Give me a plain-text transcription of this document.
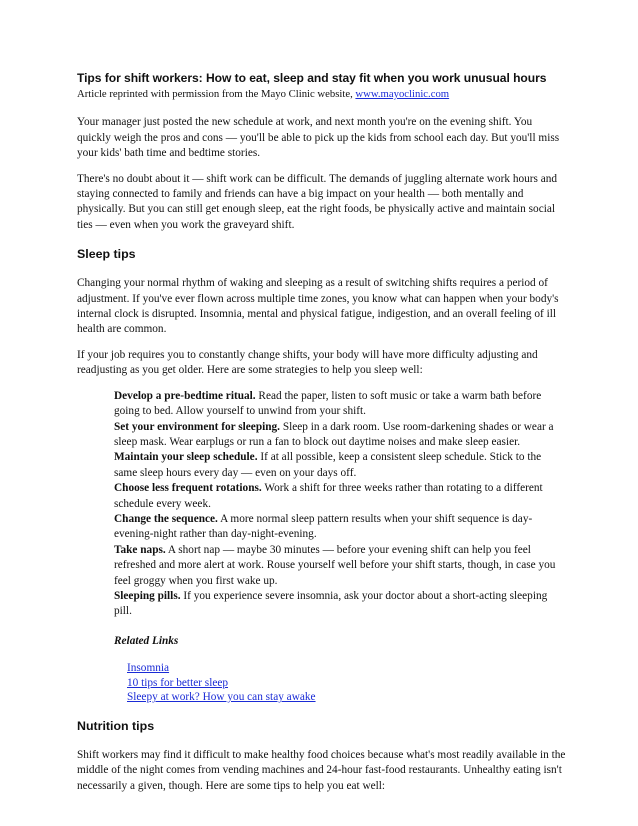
Tips for shift workers: How to eat, sleep and stay fit when you work unusual hours

Article reprinted with permission from the Mayo Clinic website, www.mayoclinic.com

Your manager just posted the new schedule at work, and next month you're on the evening shift. You quickly weigh the pros and cons — you'll be able to pick up the kids from school each day. But you'll miss your kids' bath time and bedtime stories.

There's no doubt about it — shift work can be difficult. The demands of juggling alternate work hours and staying connected to family and friends can have a big impact on your health — both mentally and physically. But you can still get enough sleep, eat the right foods, be physically active and maintain social ties — even when you work the graveyard shift.

Sleep tips

Changing your normal rhythm of waking and sleeping as a result of switching shifts requires a period of adjustment. If you've ever flown across multiple time zones, you know what can happen when your body's internal clock is disrupted. Insomnia, mental and physical fatigue, indigestion, and an overall feeling of ill health are common.

If your job requires you to constantly change shifts, your body will have more difficulty adjusting and readjusting as you get older. Here are some strategies to help you sleep well:

Develop a pre-bedtime ritual. Read the paper, listen to soft music or take a warm bath before going to bed. Allow yourself to unwind from your shift.

Set your environment for sleeping. Sleep in a dark room. Use room-darkening shades or wear a sleep mask. Wear earplugs or run a fan to block out daytime noises and make sleep easier.

Maintain your sleep schedule. If at all possible, keep a consistent sleep schedule. Stick to the same sleep hours every day — even on your days off.

Choose less frequent rotations. Work a shift for three weeks rather than rotating to a different schedule every week.

Change the sequence. A more normal sleep pattern results when your shift sequence is day-evening-night rather than day-night-evening.

Take naps. A short nap — maybe 30 minutes — before your evening shift can help you feel refreshed and more alert at work. Rouse yourself well before your shift starts, though, in case you feel groggy when you first wake up.

Sleeping pills. If you experience severe insomnia, ask your doctor about a short-acting sleeping pill.

Related Links

Insomnia
10 tips for better sleep
Sleepy at work? How you can stay awake
Nutrition tips

Shift workers may find it difficult to make healthy food choices because what's most readily available in the middle of the night comes from vending machines and 24-hour fast-food restaurants. Unhealthy eating isn't necessarily a given, though. Here are some tips to help you eat well:
